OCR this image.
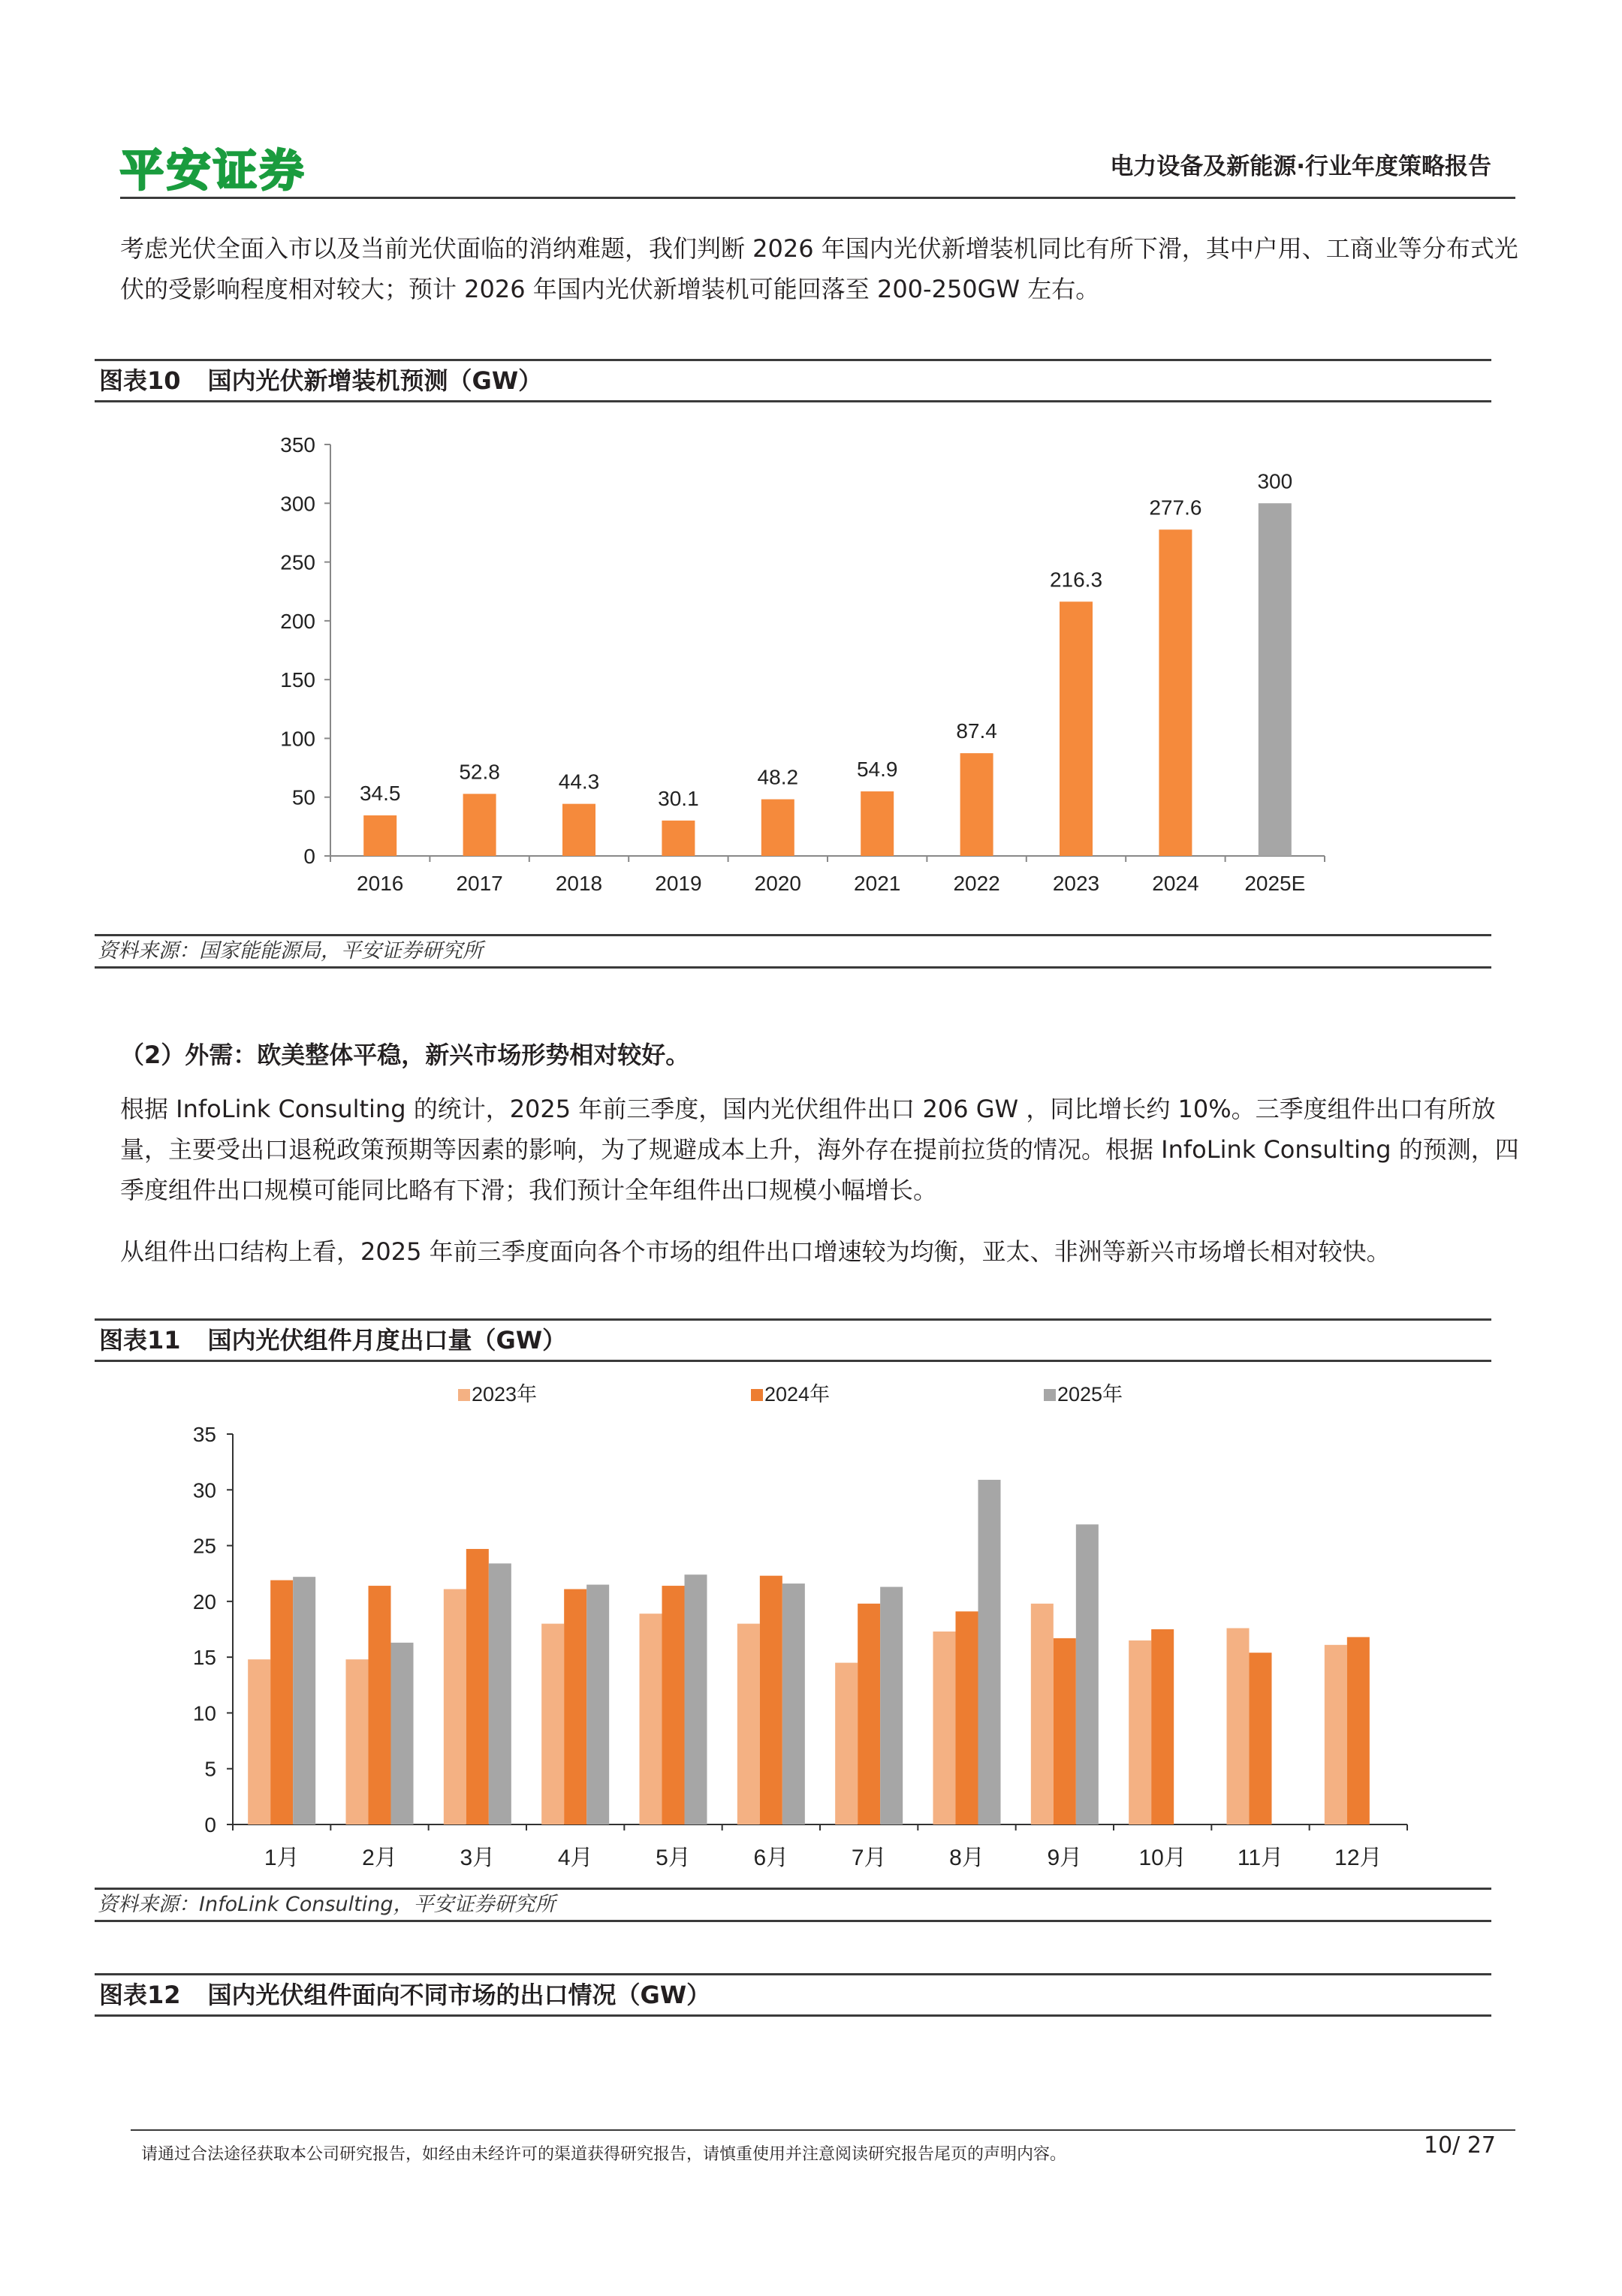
平安证券	电力设备及新能源·行业年度策略报告
考虑光伏全面入市以及当前光伏面临的消纳难题，我们判断 2026 年国内光伏新增装机同比有所下滑，其中户用、工商业等分布式光伏的受影响程度相对较大；预计 2026 年国内光伏新增装机可能回落至 200-250GW 左右。
图表10 国内光伏新增装机预测（GW）
0
50
100
150
200
250
300
350
34.5
2016
52.8
2017
44.3
2018
30.1
2019
48.2
2020
54.9
2021
87.4
2022
216.3
2023
277.6
2024
300
2025E
资料来源：国家能能源局，平安证券研究所
（2）外需：欧美整体平稳，新兴市场形势相对较好。
根据 InfoLink Consulting 的统计，2025 年前三季度，国内光伏组件出口 206 GW ，同比增长约 10%。三季度组件出口有所放量，主要受出口退税政策预期等因素的影响，为了规避成本上升，海外存在提前拉货的情况。根据 InfoLink Consulting 的预测，四季度组件出口规模可能同比略有下滑；我们预计全年组件出口规模小幅增长。
从组件出口结构上看，2025 年前三季度面向各个市场的组件出口增速较为均衡，亚太、非洲等新兴市场增长相对较快。
图表11 国内光伏组件月度出口量（GW）
2023年	2024年	2025年
0
5
10
15
20
25
30
35
1月	2月	3月	4月	5月	6月	7月	8月	9月	10月 11月 12月
资料来源：InfoLink Consulting，平安证券研究所
图表12 国内光伏组件面向不同市场的出口情况（GW）
请通过合法途径获取本公司研究报告，如经由未经许可的渠道获得研究报告，请慎重使用并注意阅读研究报告尾页的声明内容。	10/ 27
